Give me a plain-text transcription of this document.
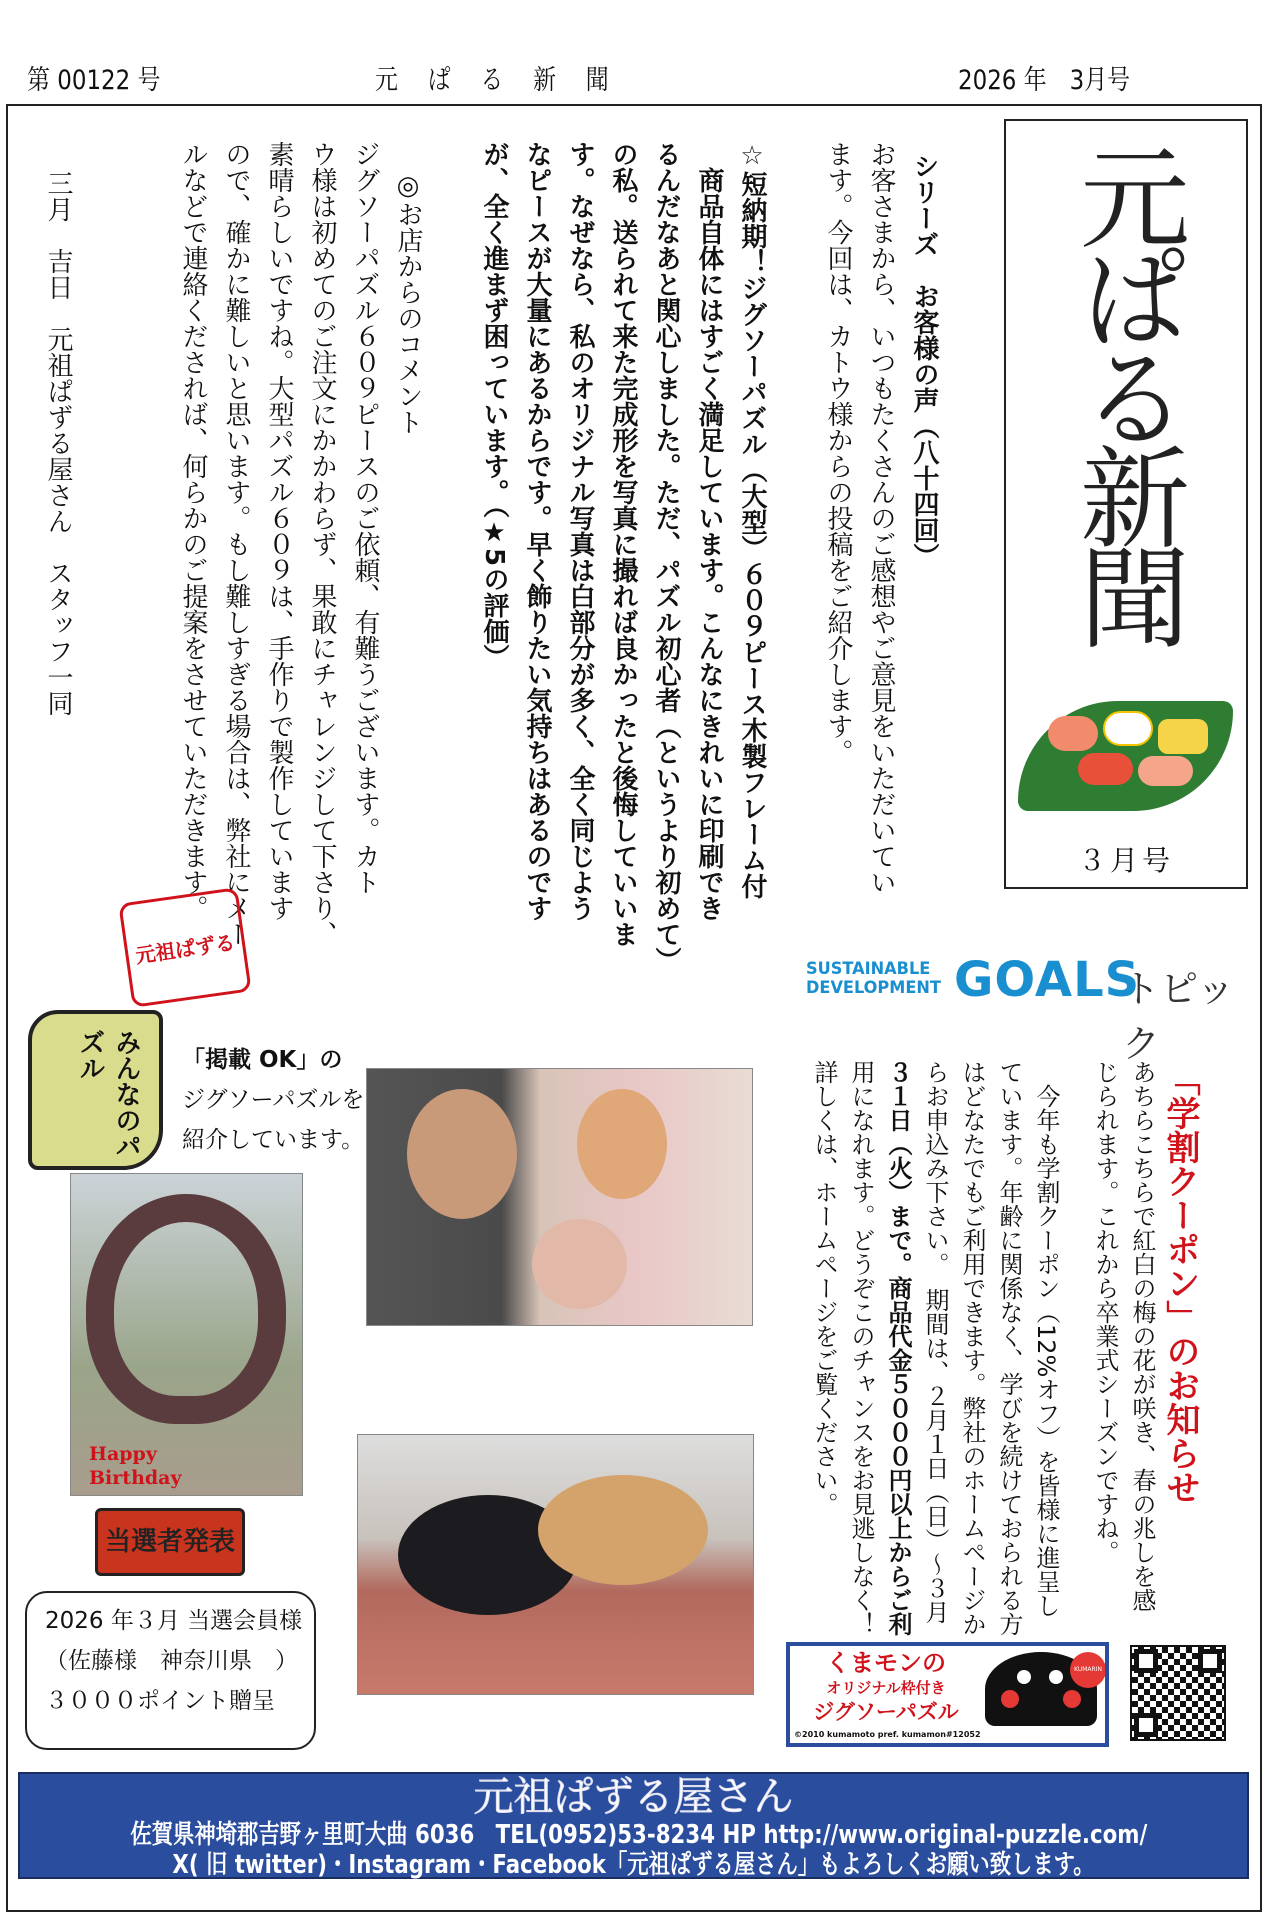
第 00122 号	元　ぱ　る　新　聞	2026 年　3月号
元ぱる新聞
３月号
シリーズ　お客様の声（八十四回）
お客さまから、いつもたくさんのご感想やご意見をいただいてい
ます。今回は、カトウ様からの投稿をご紹介します。
☆短納期！ジグソーパズル（大型）６０９ピース木製フレーム付
　商品自体にはすごく満足しています。こんなにきれいに印刷でき
るんだなあと関心しました。ただ、パズル初心者（というより初めて）
の私。送られて来た完成形を写真に撮れば良かったと後悔していいま
す。なぜなら、私のオリジナル写真は白部分が多く、全く同じよう
なピースが大量にあるからです。早く飾りたい気持ちはあるのです
が、全く進まず困っています。（★5の評価）
◎お店からのコメント
ジグソーパズル６０９ピースのご依頼、有難うございます。カト
ウ様は初めてのご注文にかかわらず、果敢にチャレンジして下さり、
素晴らしいですね。大型パズル６０９は、手作りで製作しています
ので、確かに難しいと思います。もし難しすぎる場合は、弊社にメー
ルなどで連絡くだされば、何らかのご提案をさせていただきます。
三月　吉日　元祖ぱずる屋さん　スタッフ一同
SUSTAINABLE
DEVELOPMENT GOALS
トピック
「学割クーポン」のお知らせ
あちらこちらで紅白の梅の花が咲き、春の兆しを感
じられます。これから卒業式シーズンですね。
　今年も学割クーポン（12%オフ）を皆様に進呈し
ています。年齢に関係なく、学びを続けておられる方
はどなたでもご利用できます。弊社のホームページか
らお申込み下さい。　期間は、２月１日（日）～３月
３１日（火）まで。商品代金５０００円以上からご利
用になれます。どうぞこのチャンスをお見逃しなく！
詳しくは、ホームページをご覧ください。
元祖ぱずる
みんなのパズル	「掲載 OK」の
ジグソーパズルを
紹介しています。
Happy Birthday
当選者発表
2026 年３月 当選会員様
（佐藤様　神奈川県　）
３０００ポイント贈呈
くまモンの
オリジナル枠付き
ジグソーパズル
KUMARIN
©2010 kumamoto pref. kumamon#12052
元祖ぱずる屋さん
佐賀県神埼郡吉野ヶ里町大曲 6036　TEL(0952)53-8234 HP http://www.original-puzzle.com/
X( 旧 twitter)・Instagram・Facebook「元祖ぱずる屋さん」もよろしくお願い致します。
